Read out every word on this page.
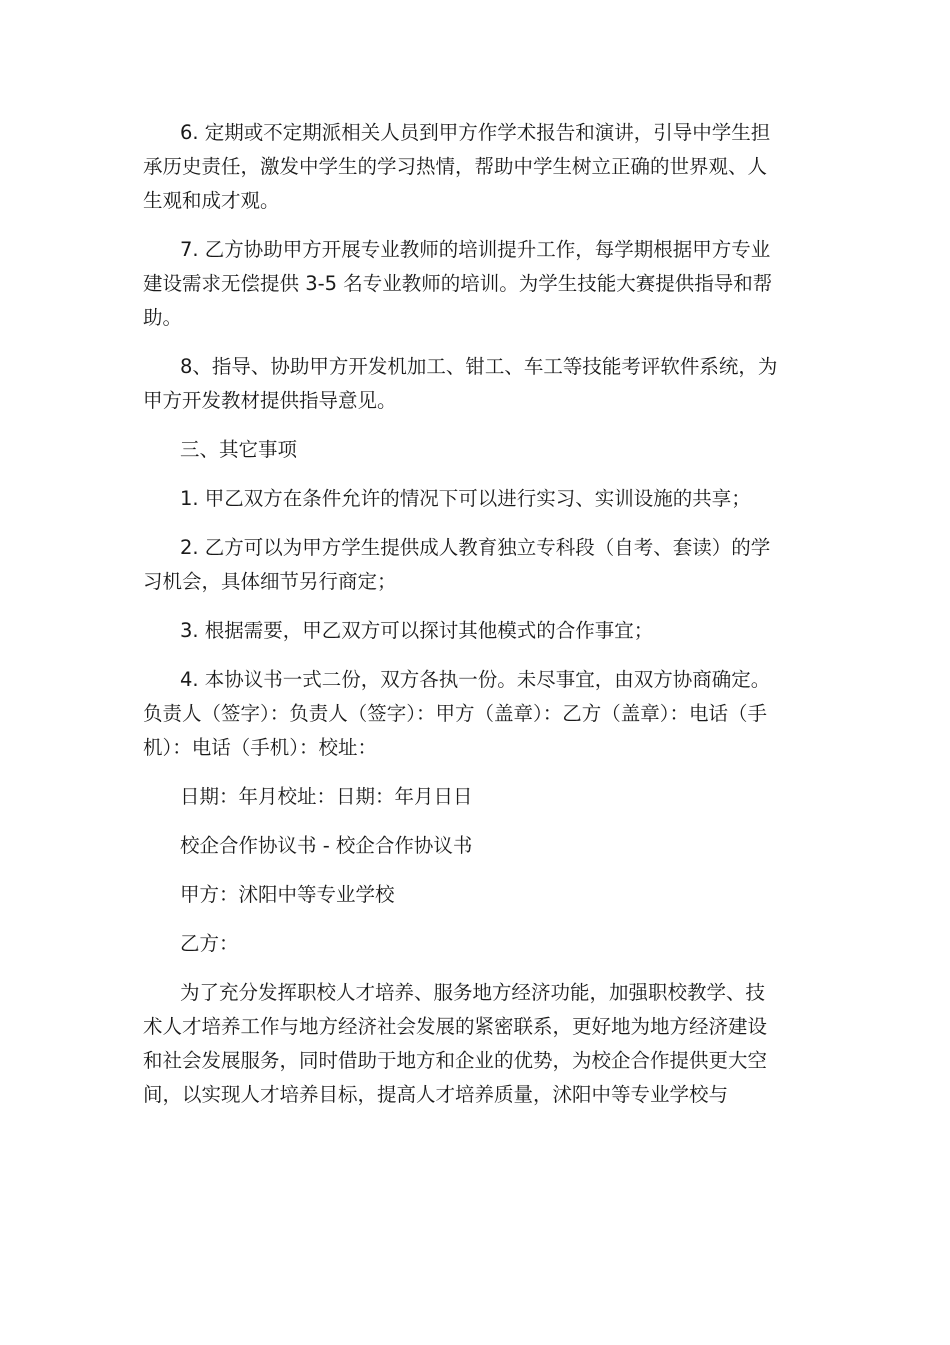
6. 定期或不定期派相关人员到甲方作学术报告和演讲，引导中学生担承历史责任，激发中学生的学习热情，帮助中学生树立正确的世界观、人生观和成才观。

7. 乙方协助甲方开展专业教师的培训提升工作，每学期根据甲方专业建设需求无偿提供 3-5 名专业教师的培训。为学生技能大赛提供指导和帮助。

8、指导、协助甲方开发机加工、钳工、车工等技能考评软件系统，为甲方开发教材提供指导意见。

三、其它事项

1. 甲乙双方在条件允许的情况下可以进行实习、实训设施的共享；

2. 乙方可以为甲方学生提供成人教育独立专科段（自考、套读）的学习机会，具体细节另行商定；

3. 根据需要，甲乙双方可以探讨其他模式的合作事宜；

4. 本协议书一式二份，双方各执一份。未尽事宜，由双方协商确定。负责人（签字）：负责人（签字）：甲方（盖章）：乙方（盖章）：电话（手机）：电话（手机）：校址：

日期：年月校址：日期：年月日日

校企合作协议书 - 校企合作协议书

甲方：沭阳中等专业学校

乙方：

为了充分发挥职校人才培养、服务地方经济功能，加强职校教学、技术人才培养工作与地方经济社会发展的紧密联系，更好地为地方经济建设和社会发展服务，同时借助于地方和企业的优势，为校企合作提供更大空间，以实现人才培养目标，提高人才培养质量，沭阳中等专业学校与
